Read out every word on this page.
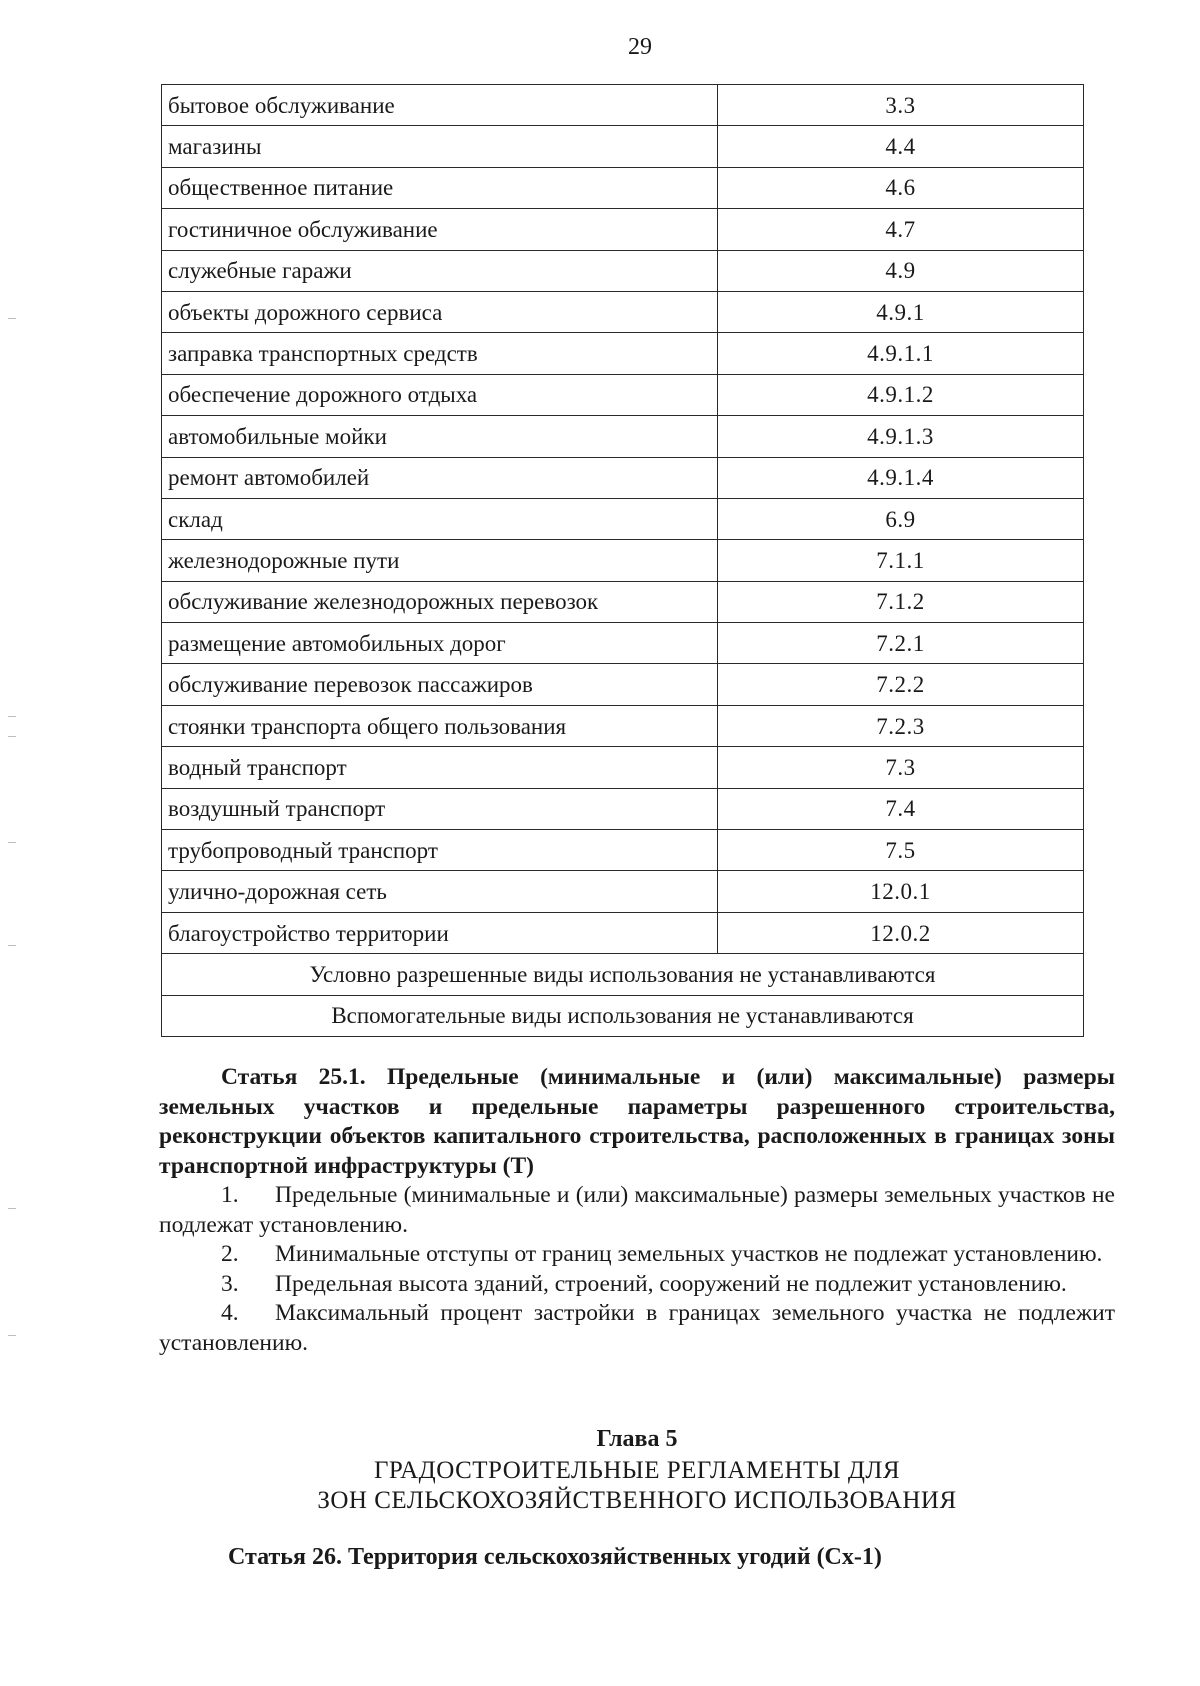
29
бытовое обслуживание	3.3
магазины	4.4
общественное питание	4.6
гостиничное обслуживание	4.7
служебные гаражи	4.9
объекты дорожного сервиса	4.9.1
заправка транспортных средств	4.9.1.1
обеспечение дорожного отдыха	4.9.1.2
автомобильные мойки	4.9.1.3
ремонт автомобилей	4.9.1.4
склад	6.9
железнодорожные пути	7.1.1
обслуживание железнодорожных перевозок	7.1.2
размещение автомобильных дорог	7.2.1
обслуживание перевозок пассажиров	7.2.2
стоянки транспорта общего пользования	7.2.3
водный транспорт	7.3
воздушный транспорт	7.4
трубопроводный транспорт	7.5
улично-дорожная сеть	12.0.1
благоустройство территории	12.0.2
Условно разрешенные виды использования не устанавливаются	
Вспомогательные виды использования не устанавливаются	

Статья 25.1. Предельные (минимальные и (или) максимальные) размеры земельных участков и предельные параметры разрешенного строительства, реконструкции объектов капитального строительства, расположенных в границах зоны транспортной инфраструктуры (Т)

1. Предельные (минимальные и (или) максимальные) размеры земельных участков не подлежат установлению.

2. Минимальные отступы от границ земельных участков не подлежат установлению.

3. Предельная высота зданий, строений, сооружений не подлежит установлению.

4. Максимальный процент застройки в границах земельного участка не подлежит установлению.

Глава 5
ГРАДОСТРОИТЕЛЬНЫЕ РЕГЛАМЕНТЫ ДЛЯ
ЗОН СЕЛЬСКОХОЗЯЙСТВЕННОГО ИСПОЛЬЗОВАНИЯ
Статья 26. Территория сельскохозяйственных угодий (Сх-1)
